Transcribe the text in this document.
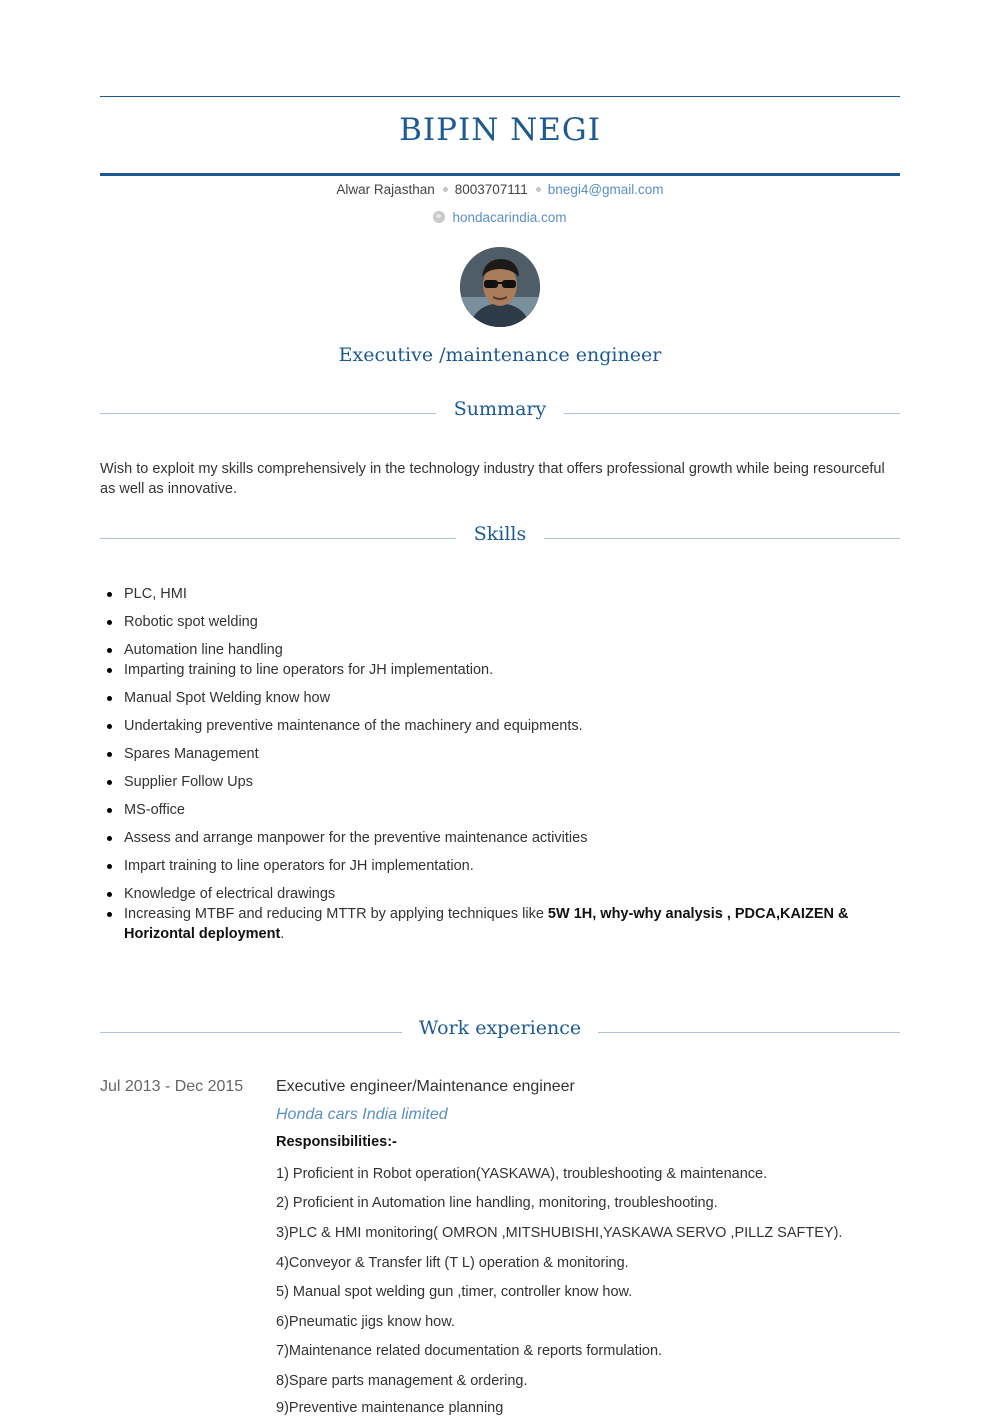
BIPIN NEGI
Alwar Rajasthan 8003707111 bnegi4@gmail.com
hondacarindia.com
Executive /maintenance engineer
Summary
Wish to exploit my skills comprehensively in the technology industry that offers professional growth while being resourceful as well as innovative.
Skills
PLC, HMI
Robotic spot welding
Automation line handling
Imparting training to line operators for JH implementation.
Manual Spot Welding know how
Undertaking preventive maintenance of the machinery and equipments.
Spares Management
Supplier Follow Ups
MS-office
Assess and arrange manpower for the preventive maintenance activities
Impart training to line operators for JH implementation.
Knowledge of electrical drawings
Increasing MTBF and reducing MTTR by applying techniques like 5W 1H, why-why analysis , PDCA,KAIZEN & Horizontal deployment.
Work experience
Jul 2013 - Dec 2015 Executive engineer/Maintenance engineer
Honda cars India limited
Responsibilities:-
1) Proficient in Robot operation(YASKAWA), troubleshooting & maintenance.
2) Proficient in Automation line handling, monitoring, troubleshooting.
3)PLC & HMI monitoring( OMRON ,MITSHUBISHI,YASKAWA SERVO ,PILLZ SAFTEY).
4)Conveyor & Transfer lift (T L) operation & monitoring.
5) Manual spot welding gun ,timer, controller know how.
6)Pneumatic jigs know how.
7)Maintenance related documentation & reports formulation.
8)Spare parts management & ordering.
9)Preventive maintenance planning
